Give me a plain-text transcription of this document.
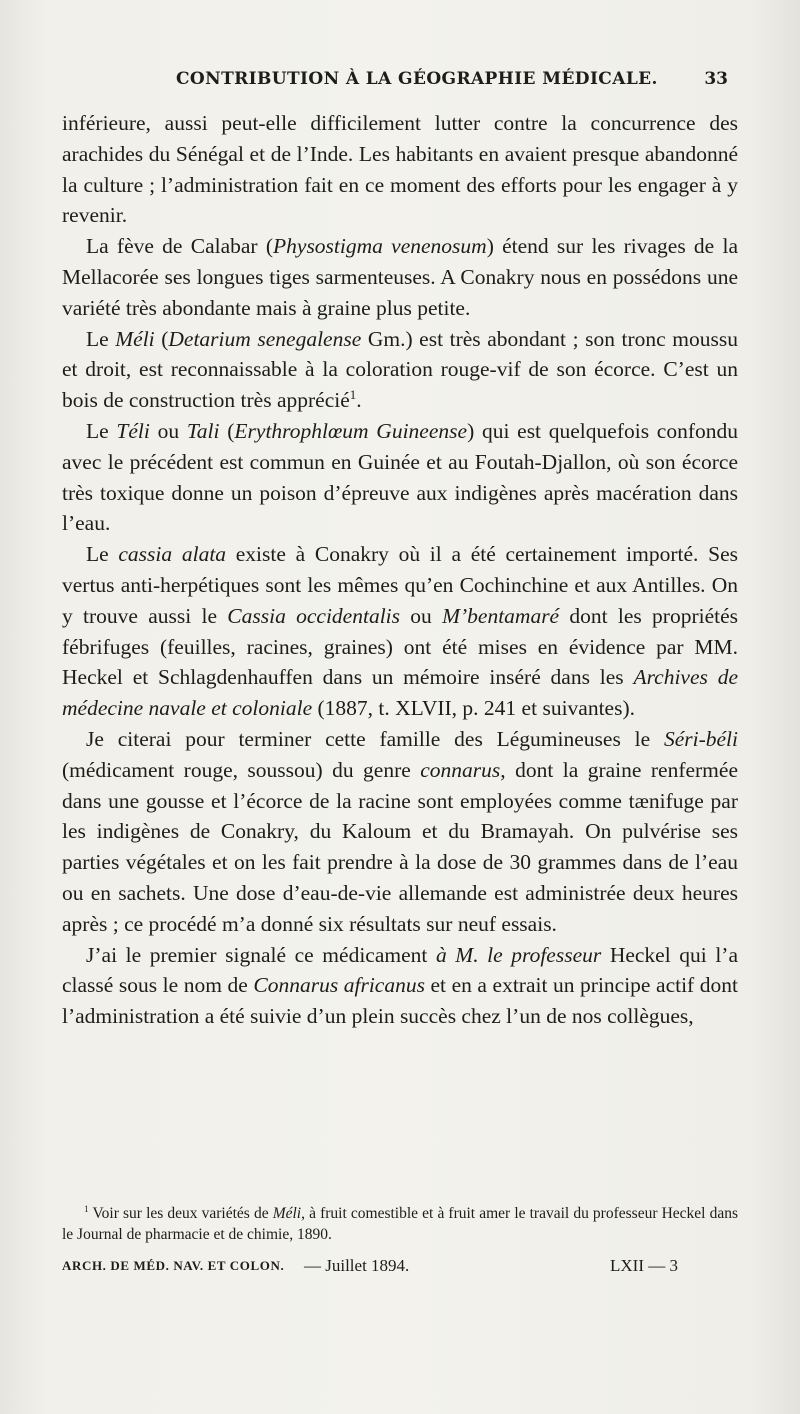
CONTRIBUTION À LA GÉOGRAPHIE MÉDICALE.	33

inférieure, aussi peut-elle difficilement lutter contre la concurrence des arachides du Sénégal et de l’Inde. Les habitants en avaient presque abandonné la culture ; l’administration fait en ce moment des efforts pour les engager à y revenir.

La fève de Calabar (Physostigma venenosum) étend sur les rivages de la Mellacorée ses longues tiges sarmenteuses. A Conakry nous en possédons une variété très abondante mais à graine plus petite.

Le Méli (Detarium senegalense Gm.) est très abondant ; son tronc moussu et droit, est reconnaissable à la coloration rouge-vif de son écorce. C’est un bois de construction très apprécié$^1$.

Le Téli ou Tali (Erythrophlœum Guineense) qui est quelquefois confondu avec le précédent est commun en Guinée et au Foutah-Djallon, où son écorce très toxique donne un poison d’épreuve aux indigènes après macération dans l’eau.

Le cassia alata existe à Conakry où il a été certainement importé. Ses vertus anti-herpétiques sont les mêmes qu’en Cochinchine et aux Antilles. On y trouve aussi le Cassia occidentalis ou M’bentamaré dont les propriétés fébrifuges (feuilles, racines, graines) ont été mises en évidence par MM. Heckel et Schlagdenhauffen dans un mémoire inséré dans les Archives de médecine navale et coloniale (1887, t. XLVII, p. 241 et suivantes).

Je citerai pour terminer cette famille des Légumineuses le Séri-béli (médicament rouge, soussou) du genre connarus, dont la graine renfermée dans une gousse et l’écorce de la racine sont employées comme tænifuge par les indigènes de Conakry, du Kaloum et du Bramayah. On pulvérise ses parties végétales et on les fait prendre à la dose de 30 grammes dans de l’eau ou en sachets. Une dose d’eau-de-vie allemande est administrée deux heures après ; ce procédé m’a donné six résultats sur neuf essais.

J’ai le premier signalé ce médicament à M. le professeur Heckel qui l’a classé sous le nom de Connarus africanus et en a extrait un principe actif dont l’administration a été suivie d’un plein succès chez l’un de nos collègues,

$^1$ Voir sur les deux variétés de Méli, à fruit comestible et à fruit amer le travail du professeur Heckel dans le Journal de pharmacie et de chimie, 1890.
ARCH. DE MÉD. NAV. ET COLON. — Juillet 1894.	LXII — 3
